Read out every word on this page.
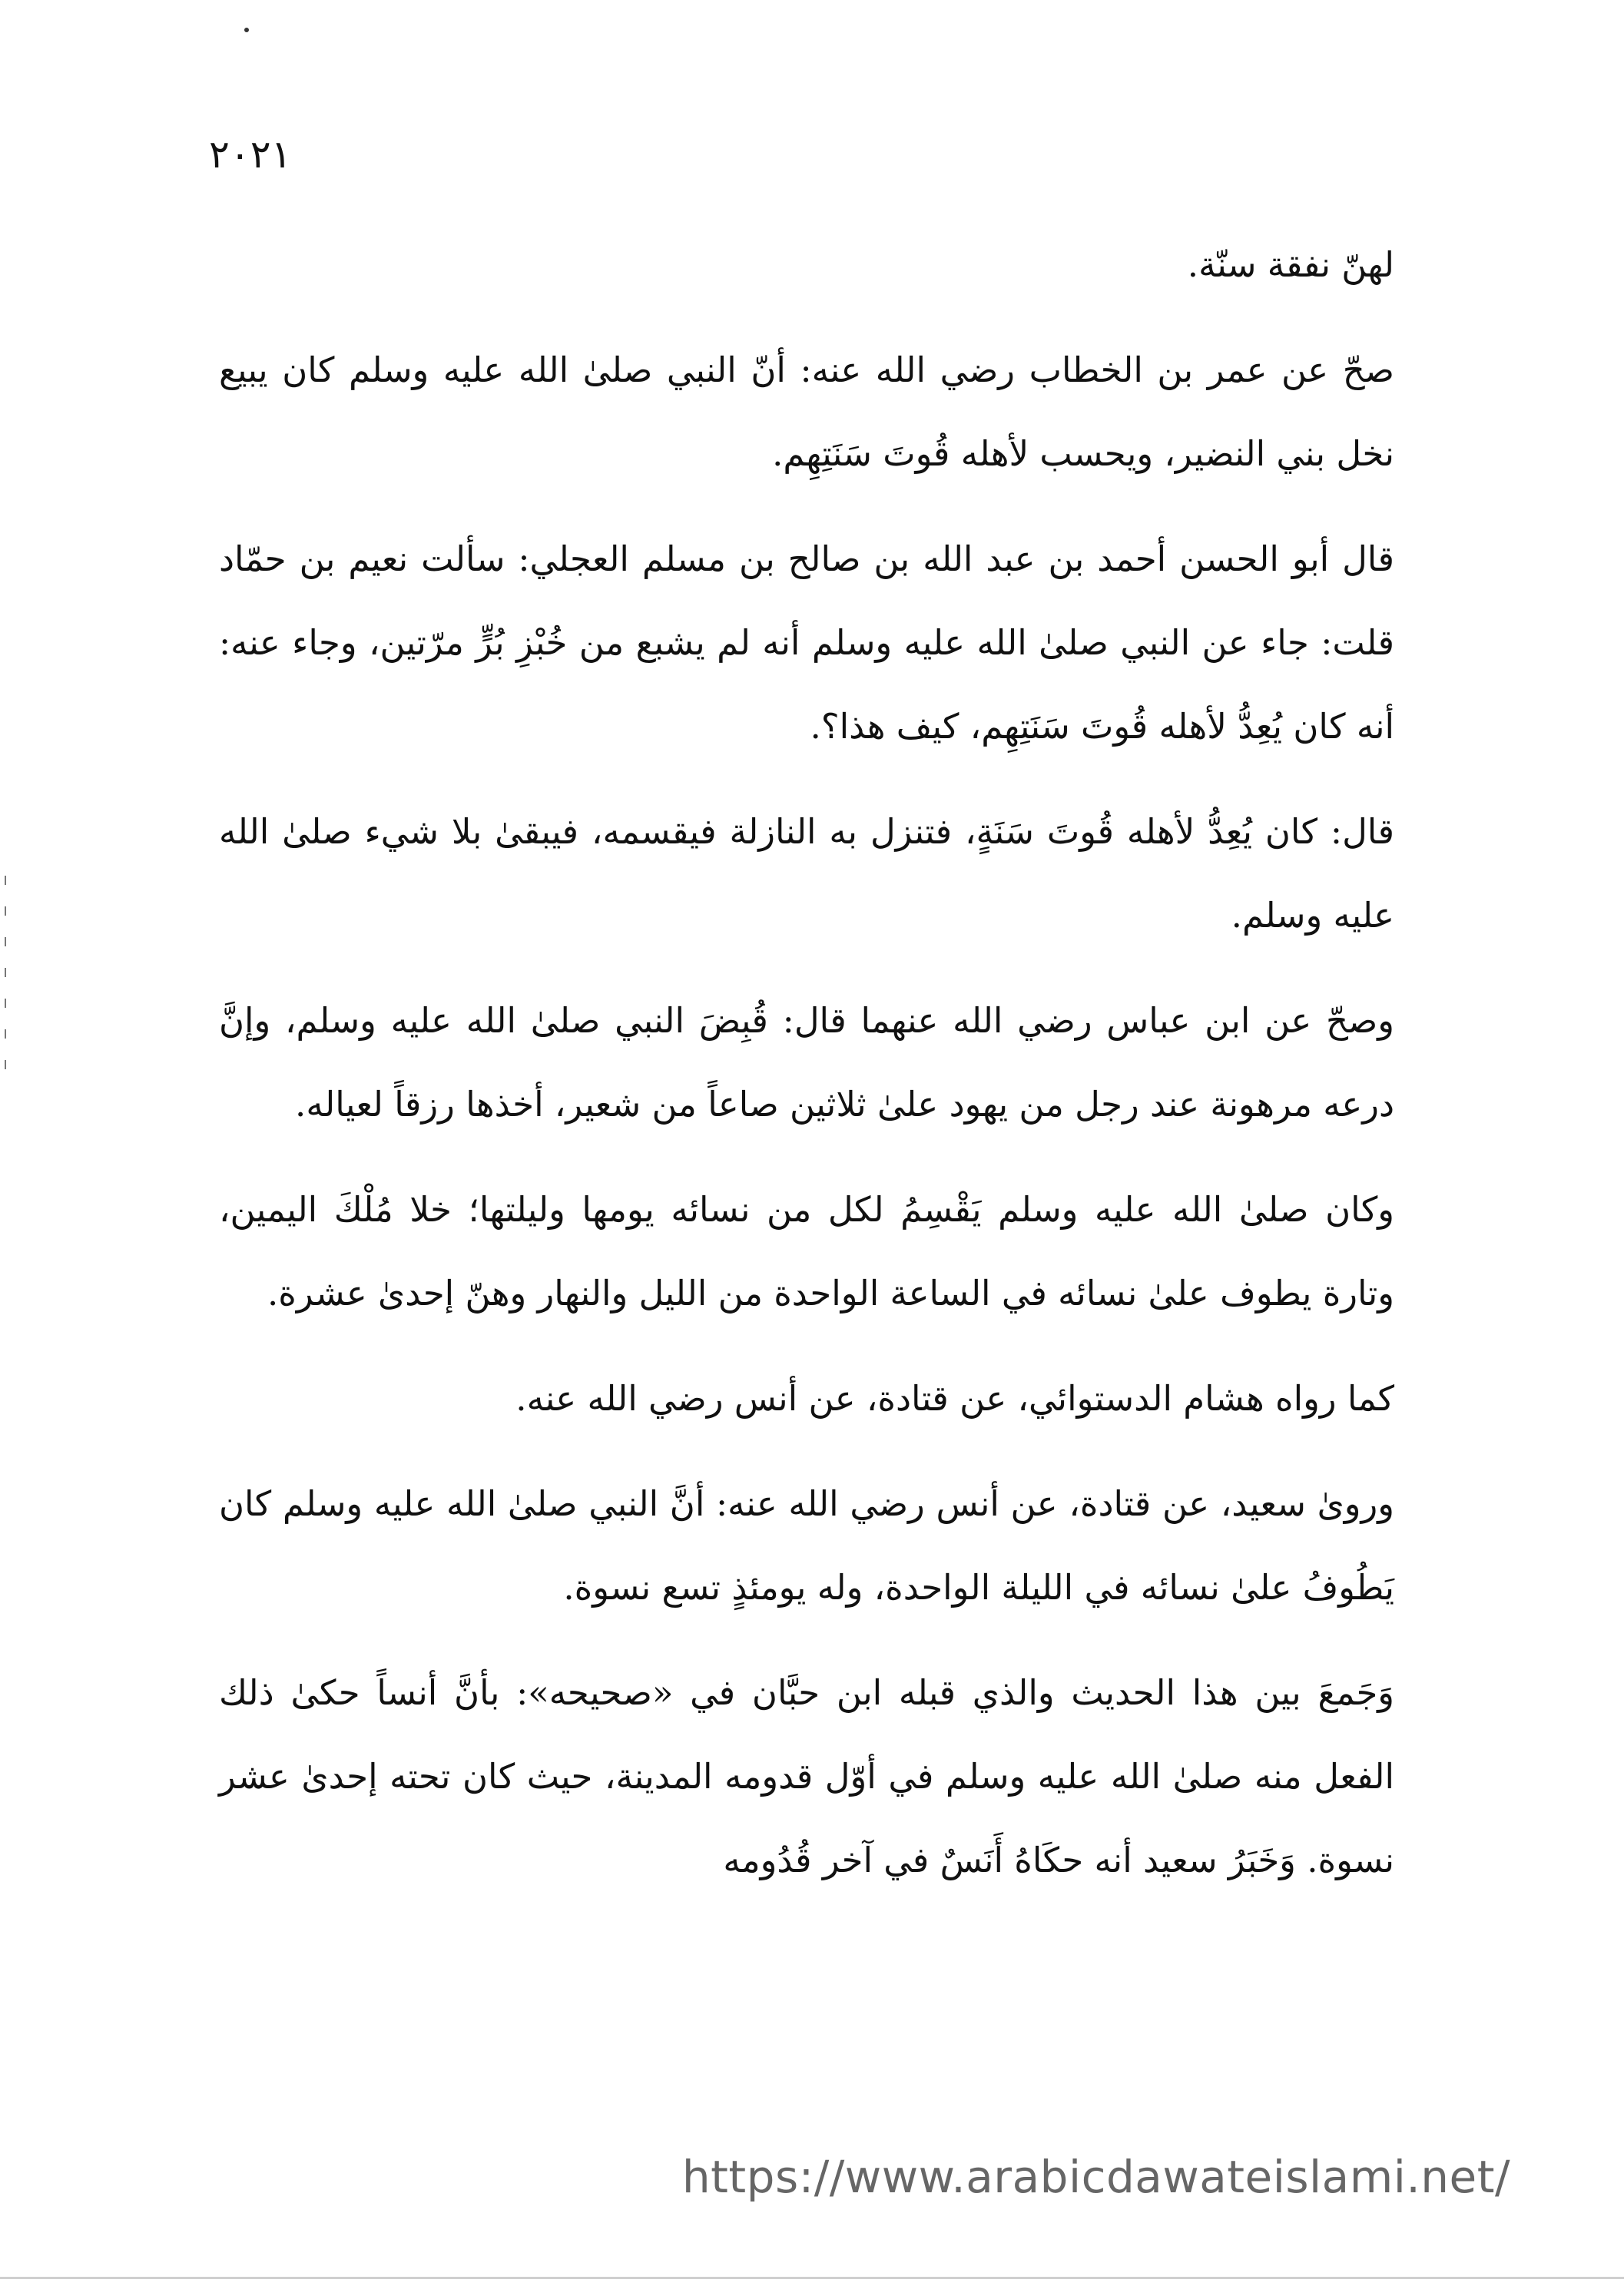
٢٠٢١

لهنّ نفقة سنّة.

صحّ عن عمر بن الخطاب رضي الله عنه: أنّ النبي صلىٰ الله عليه وسلم كان يبيع نخل بني النضير، ويحسب لأهله قُوتَ سَنَتِهِم.

قال أبو الحسن أحمد بن عبد الله بن صالح بن مسلم العجلي: سألت نعيم بن حمّاد قلت: جاء عن النبي صلىٰ الله عليه وسلم أنه لم يشبع من خُبْزِ بُرٍّ مرّتين، وجاء عنه: أنه كان يُعِدُّ لأهله قُوتَ سَنَتِهِم، كيف هذا؟.

قال: كان يُعِدُّ لأهله قُوتَ سَنَةٍ، فتنزل به النازلة فيقسمه، فيبقىٰ بلا شيء صلىٰ الله عليه وسلم.

وصحّ عن ابن عباس رضي الله عنهما قال: قُبِضَ النبي صلىٰ الله عليه وسلم، وإنَّ درعه مرهونة عند رجل من يهود علىٰ ثلاثين صاعاً من شعير، أخذها رزقاً لعياله.

وكان صلىٰ الله عليه وسلم يَقْسِمُ لكل من نسائه يومها وليلتها؛ خلا مُلْكَ اليمين، وتارة يطوف علىٰ نسائه في الساعة الواحدة من الليل والنهار وهنّ إحدىٰ عشرة.

كما رواه هشام الدستوائي، عن قتادة، عن أنس رضي الله عنه.

وروىٰ سعيد، عن قتادة، عن أنس رضي الله عنه: أنَّ النبي صلىٰ الله عليه وسلم كان يَطُوفُ علىٰ نسائه في الليلة الواحدة، وله يومئذٍ تسع نسوة.

وَجَمعَ بين هذا الحديث والذي قبله ابن حبَّان في «صحيحه»: بأنَّ أنساً حكىٰ ذلك الفعل منه صلىٰ الله عليه وسلم في أوّل قدومه المدينة، حيث كان تحته إحدىٰ عشر نسوة. وَخَبَرُ سعيد أنه حكَاهُ أَنَسٌ في آخر قُدُومه

https://www.arabicdawateislami.net/
